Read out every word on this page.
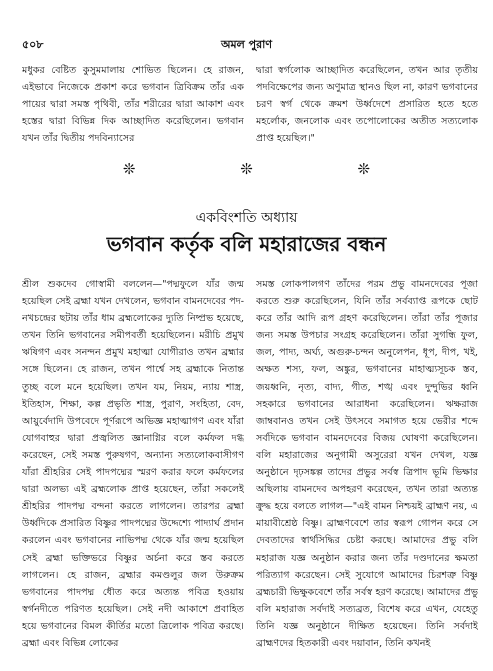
৫০৮	অমল পুরাণ

মধুকর বেষ্টিত কুসুমমালায় শোভিত ছিলেন। হে রাজন, এইভাবে নিজেকে প্রকাশ করে ভগবান ত্রিবিক্রম তাঁর এক পায়ের দ্বারা সমস্ত পৃথিবী, তাঁর শরীরের দ্বারা আকাশ এবং হস্তের দ্বারা বিভিন্ন দিক আচ্ছাদিত করেছিলেন। ভগবান যখন তাঁর দ্বিতীয় পদবিন্যাসের

দ্বারা স্বর্গলোক আচ্ছাদিত করেছিলেন, তখন আর তৃতীয় পদবিক্ষেপের জন্য অণুমাত্র স্থানও ছিল না, কারণ ভগবানের চরণ স্বর্গ থেকে ক্রমশ উর্ধ্বদেশে প্রসারিত হতে হতে মহর্লোক, জনলোক এবং তপোলোকের অতীত সত্যলোক প্রাপ্ত হয়েছিল।"

❊ ❊ ❊
একবিংশতি অধ্যায়
ভগবান কর্তৃক বলি মহারাজের বন্ধন

শ্রীল শুকদেব গোস্বামী বললেন—"পদ্মফুলে যাঁর জন্ম হয়েছিল সেই ব্রহ্মা যখন দেখলেন, ভগবান বামনদেবের পদ-নখচন্দ্রের ছটায় তাঁর ধাম ব্রহ্মলোকের দ্যুতি নিষ্প্রভ হয়েছে, তখন তিনি ভগবানের সমীপবর্তী হয়েছিলেন। মরীচি প্রমুখ ঋষিগণ এবং সনন্দন প্রমুখ মহাত্মা যোগীরাও তখন ব্রহ্মার সঙ্গে ছিলেন। হে রাজন, তখন পার্শ্বে সহ ব্রহ্মাকে নিতান্ত তুচ্ছ বলে মনে হয়েছিল। তখন যম, নিয়ম, ন্যায় শাস্ত্র, ইতিহাস, শিক্ষা, কল্প প্রভৃতি শাস্ত্র, পুরাণ, সংহিতা, বেদ, আয়ুর্বেদাদি উপবেদে পূর্ণরূপে অভিজ্ঞ মহাত্মাগণ এবং যাঁরা যোগবাহুর দ্বারা প্রজ্বলিত জ্ঞানাগ্নির বলে কর্মফল দগ্ধ করেছেন, সেই সমস্ত পুরুষগণ, অন্যান্য সত্যলোকবাসীগণ যাঁরা শ্রীহরির সেই পাদপদ্মের স্মরণ করার ফলে কর্মফলের দ্বারা অলভ্য এই ব্রহ্মলোক প্রাপ্ত হয়েছেন, তাঁরা সকলেই শ্রীহরির পাদপদ্ম বন্দনা করতে লাগলেন। তারপর ব্রহ্মা উর্ধ্বদিকে প্রসারিত বিষ্ণুর পাদপদ্মের উদ্দেশ্যে পাদ্যার্ঘ প্রদান করলেন এবং ভগবানের নাভিপদ্ম থেকে যাঁর জন্ম হয়েছিল সেই ব্রহ্মা ভক্তিভরে বিষ্ণুর অর্চনা করে স্তব করতে লাগলেন। হে রাজন, ব্রহ্মার কমণ্ডলুর জল উরুক্রম ভগবানের পাদপদ্ম ধৌত করে অত্যন্ত পবিত্র হওয়ায় স্বর্গনদীতে পরিণত হয়েছিল। সেই নদী আকাশে প্রবাহিত হয়ে ভগবানের বিমল কীর্তির মতো ত্রিলোক পবিত্র করছে। ব্রহ্মা এবং বিভিন্ন লোকের

সমস্ত লোকপালগণ তাঁদের পরম প্রভু বামনদেবের পূজা করতে শুরু করেছিলেন, যিনি তাঁর সর্বব্যাপ্ত রূপকে ছোট করে তাঁর আদি রূপ গ্রহণ করেছিলেন। তাঁরা তাঁর পূজার জন্য সমস্ত উপচার সংগ্রহ করেছিলেন। তাঁরা সুগন্ধি ফুল, জল, পাদ্য, অর্ঘ্য, অগুরু-চন্দন অনুলেপন, ধূপ, দীপ, খই, অক্ষত শস্য, ফল, অঙ্কুর, ভগবানের মাহাত্ম্যসূচক স্তব, জয়ধ্বনি, নৃত্য, বাদ্য, গীত, শঙ্খ এবং দুন্দুভির ধ্বনি সহকারে ভগবানের আরাধনা করেছিলেন। ঋক্ষরাজ জাম্ববানও তখন সেই উৎসবে সমাগত হয়ে ভেরীর শব্দে সর্বদিকে ভগবান বামনদেবের বিজয় ঘোষণা করেছিলেন। বলি মহারাজের অনুগামী অসুরেরা যখন দেখল, যজ্ঞ অনুষ্ঠানে দৃঢ়সঙ্কল্প তাদের প্রভুর সর্বস্ব ত্রিপাদ ভূমি ভিক্ষার অছিলায় বামনদেব অপহরণ করেছেন, তখন তারা অত্যন্ত ক্রুদ্ধ হয়ে বলতে লাগল—"এই বামন নিশ্চয়ই ব্রাহ্মণ নয়, এ মায়াবীশ্রেষ্ঠ বিষ্ণু। ব্রাহ্মণবেশে তার স্বরূপ গোপন করে সে দেবতাদের স্বার্থসিদ্ধির চেষ্টা করছে। আমাদের প্রভু বলি মহারাজ যজ্ঞ অনুষ্ঠান করার জন্য তাঁর দণ্ডদানের ক্ষমতা পরিত্যাগ করেছেন। সেই সুযোগে আমাদের চিরশত্রু বিষ্ণু ব্রহ্মচারী ভিক্ষুকবেশে তাঁর সর্বস্ব হরণ করেছে। আমাদের প্রভু বলি মহারাজ সর্বদাই সত্যব্রত, বিশেষ করে এখন, যেহেতু তিনি যজ্ঞ অনুষ্ঠানে দীক্ষিত হয়েছেন। তিনি সর্বদাই ব্রাহ্মণদের হিতকারী এবং দয়াবান, তিনি কখনই
